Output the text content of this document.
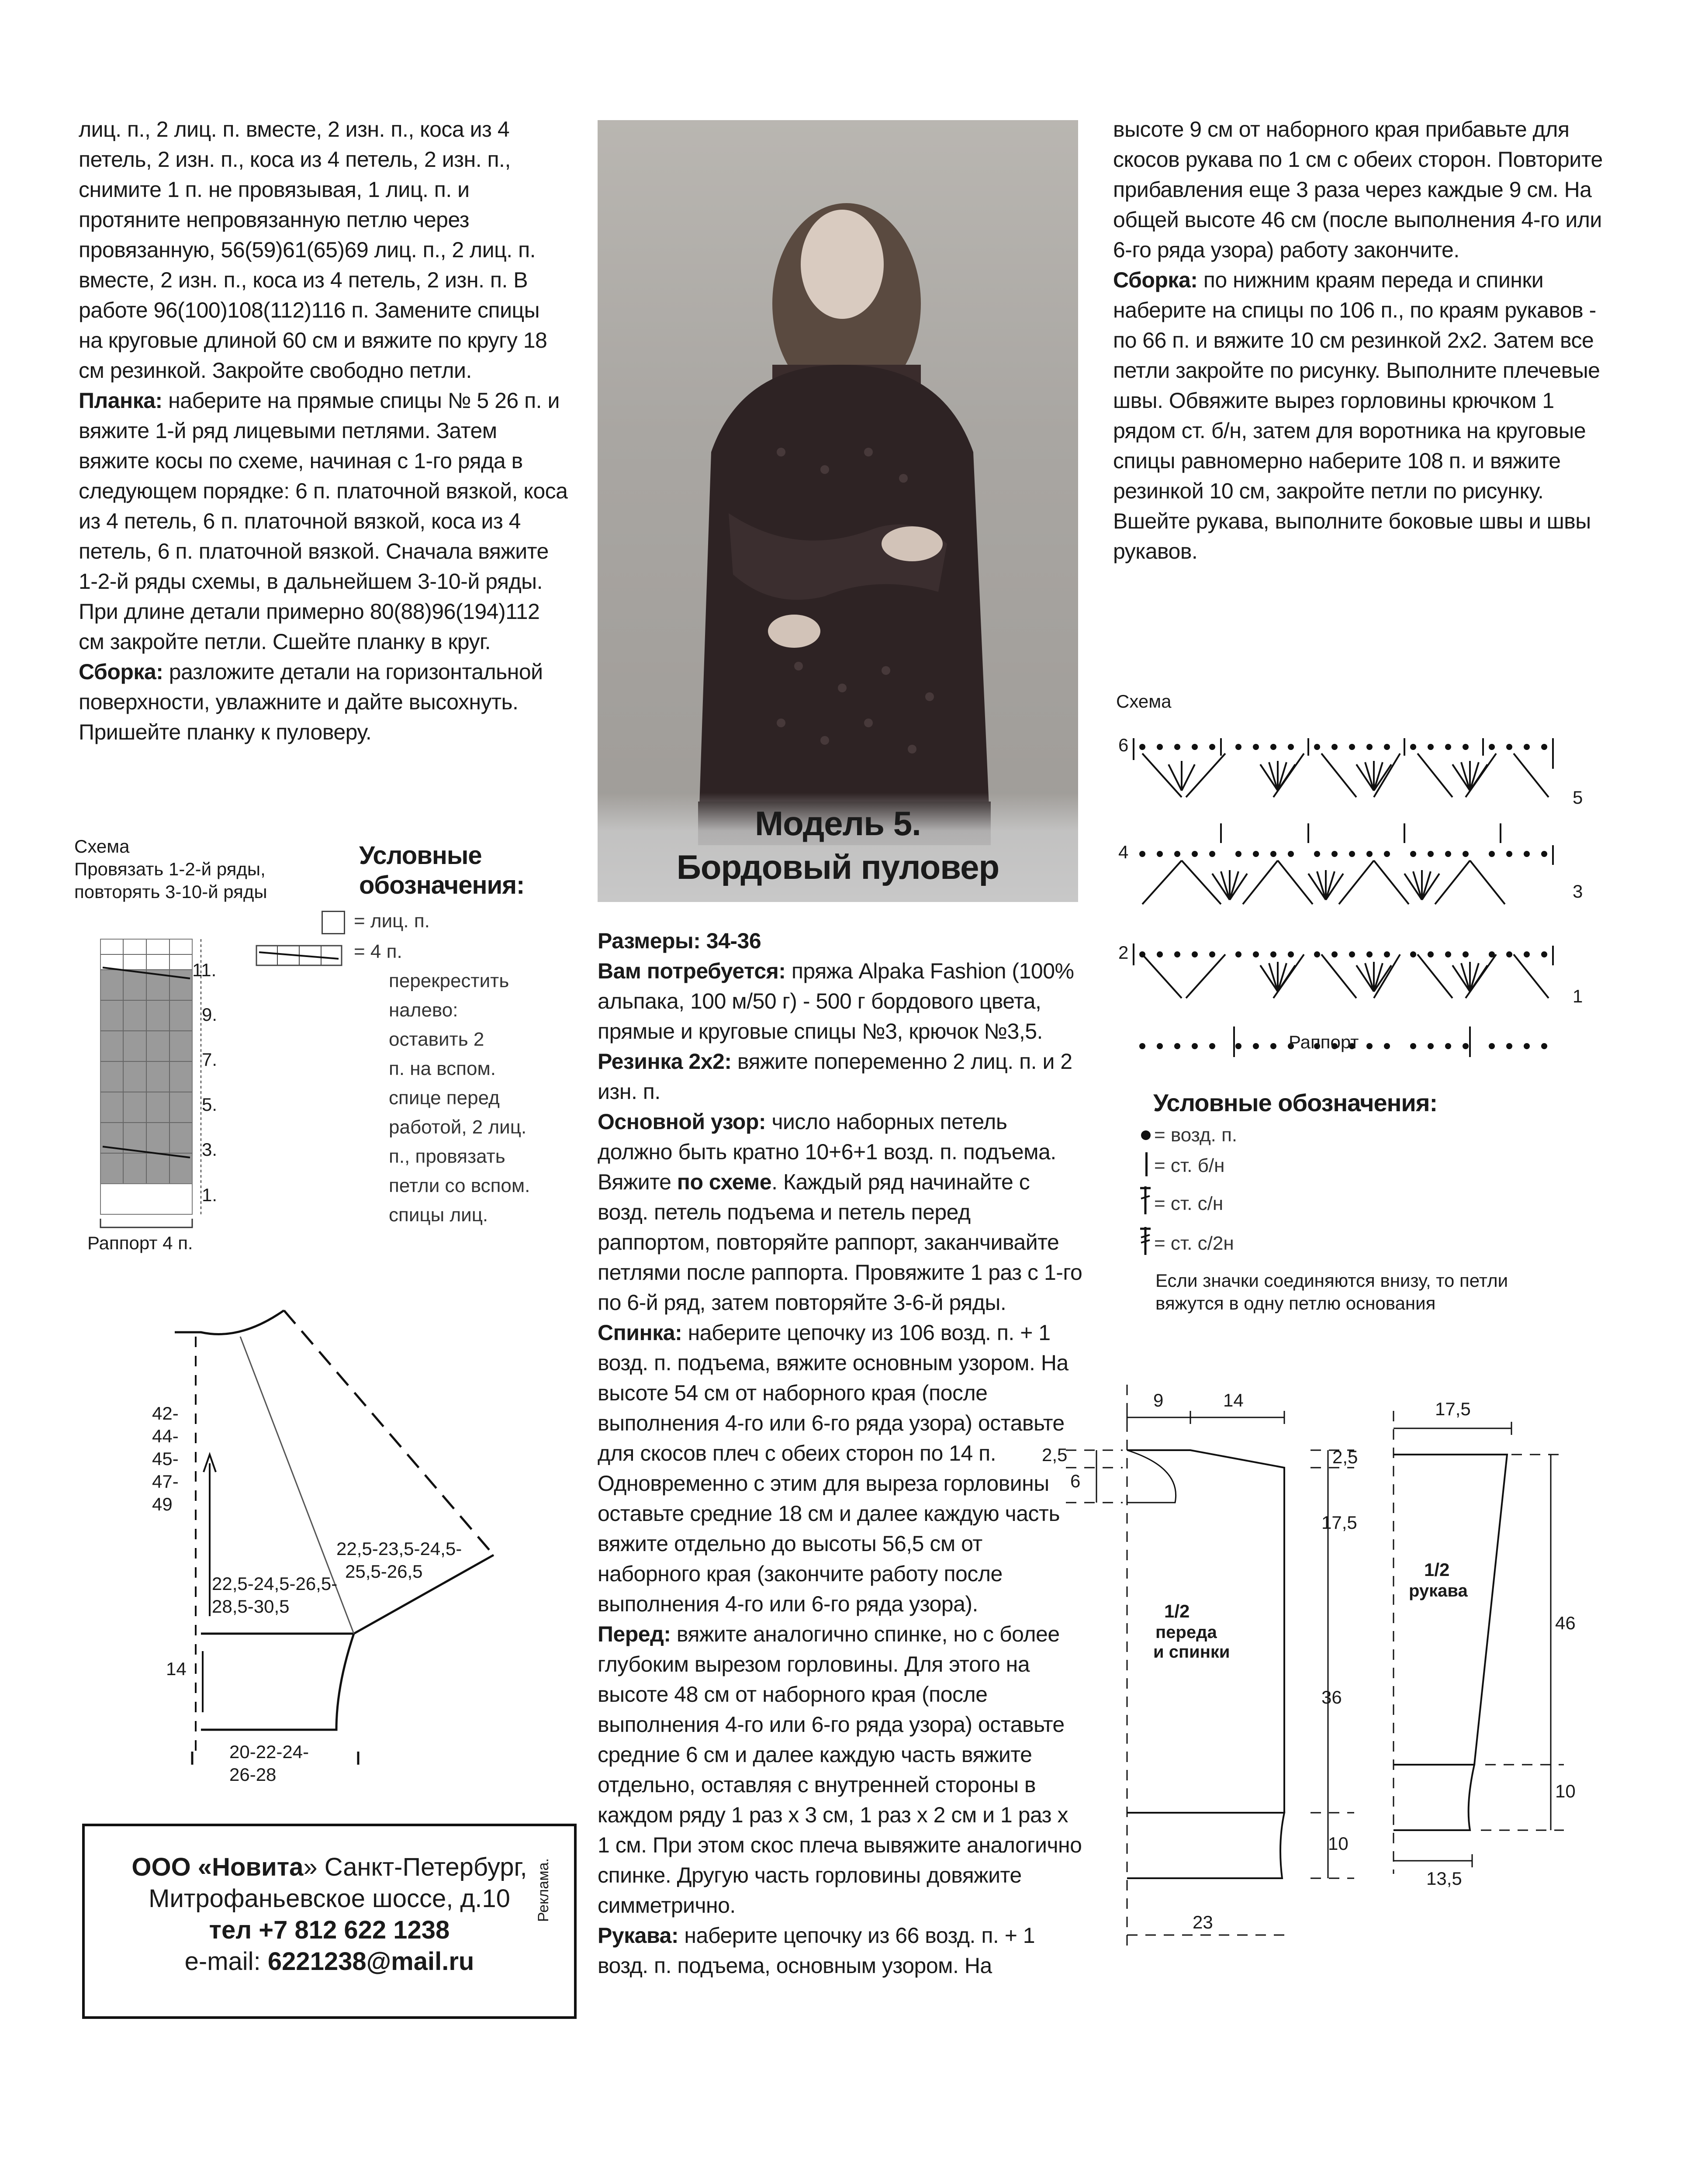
лиц. п., 2 лиц. п. вместе, 2 изн. п., коса из 4 петель, 2 изн. п., коса из 4 петель, 2 изн. п., снимите 1 п. не провязывая, 1 лиц. п. и протяните непровязанную петлю через провязанную, 56(59)61(65)69 лиц. п., 2 лиц. п. вместе, 2 изн. п., коса из 4 петель, 2 изн. п. В работе 96(100)108(112)116 п. Замените спицы на круговые длиной 60 см и вяжите по кругу 18 см резинкой. Закройте свободно петли.

Планка: наберите на прямые спицы № 5 26 п. и вяжите 1-й ряд лицевыми петлями. Затем вяжите косы по схеме, начиная с 1-го ряда в следующем порядке: 6 п. платочной вязкой, коса из 4 петель, 6 п. платочной вязкой, коса из 4 петель, 6 п. платочной вязкой. Сначала вяжите 1-2-й ряды схемы, в дальнейшем 3-10-й ряды. При длине детали примерно 80(88)96(194)112 см закройте петли. Сшейте планку в круг.

Сборка: разложите детали на горизонтальной поверхности, увлажните и дайте высохнуть. Пришейте планку к пуловеру.

Схема
Провязать 1-2-й ряды,
повторять 3-10-й ряды
11.
9.
7.
5.
3.
1.
Раппорт 4 п.
Условные
обозначения:
= лиц. п.
= 4 п.
перекрестить
налево:
оставить 2
п. на вспом.
спице перед
работой, 2 лиц.
п., провязать
петли со вспом.
спицы лиц.
42-
44-
45-
47-
49
22,5-23,5-24,5-
25,5-26,5
22,5-24,5-26,5-
28,5-30,5
14
20-22-24-
26-28
ООО «Новита» Санкт-Петербург,
Митрофаньевское шоссе, д.10
тел +7 812 622 1238
e-mail: 6221238@mail.ru
Реклама.
Модель 5.
Бордовый пуловер

Размеры: 34-36

Вам потребуется: пряжа Alpaka Fashion (100% альпака, 100 м/50 г) - 500 г бордового цвета, прямые и круговые спицы №3, крючок №3,5.

Резинка 2х2: вяжите попеременно 2 лиц. п. и 2 изн. п.

Основной узор: число наборных петель должно быть кратно 10+6+1 возд. п. подъема. Вяжите по схеме. Каждый ряд начинайте с возд. петель подъема и петель перед раппортом, повторяйте раппорт, заканчивайте петлями после раппорта. Провяжите 1 раз с 1-го по 6-й ряд, затем повторяйте 3-6-й ряды.

Спинка: наберите цепочку из 106 возд. п. + 1 возд. п. подъема, вяжите основным узором. На высоте 54 см от наборного края (после выполнения 4-го или 6-го ряда узора) оставьте для скосов плеч с обеих сторон по 14 п. Одновременно с этим для выреза горловины оставьте средние 18 см и далее каждую часть вяжите отдельно до высоты 56,5 см от наборного края (закончите работу после выполнения 4-го или 6-го ряда узора).

Перед: вяжите аналогично спинке, но с более глубоким вырезом горловины. Для этого на высоте 48 см от наборного края (после выполнения 4-го или 6-го ряда узора) оставьте средние 6 см и далее каждую часть вяжите отдельно, оставляя с внутренней стороны в каждом ряду 1 раз х 3 см, 1 раз х 2 см и 1 раз х 1 см. При этом скос плеча вывяжите аналогично спинке. Другую часть горловины довяжите симметрично.

Рукава: наберите цепочку из 66 возд. п. + 1 возд. п. подъема, основным узором. На

высоте 9 см от наборного края прибавьте для скосов рукава по 1 см с обеих сторон. Повторите прибавления еще 3 раза через каждые 9 см. На общей высоте 46 см (после выполнения 4-го или 6-го ряда узора) работу закончите.

Сборка: по нижним краям переда и спинки наберите на спицы по 106 п., по краям рукавов - по 66 п. и вяжите 10 см резинкой 2х2. Затем все петли закройте по рисунку. Выполните плечевые швы. Обвяжите вырез горловины крючком 1 рядом ст. б/н, затем для воротника на круговые спицы равномерно наберите 108 п. и вяжите резинкой 10 см, закройте петли по рисунку. Вшейте рукава, выполните боковые швы и швы рукавов.

Схема
6
4
2
5
3
1
Раппорт
Условные обозначения:
= возд. п.
= ст. б/н
= ст. с/н
= ст. с/2н
Если значки соединяются внизу, то петли
вяжутся в одну петлю основания
9	14
2,5
6
2,5
17,5
36
10
1/2
переда
и спинки
23
17,5
1/2
рукава
46
10
13,5
